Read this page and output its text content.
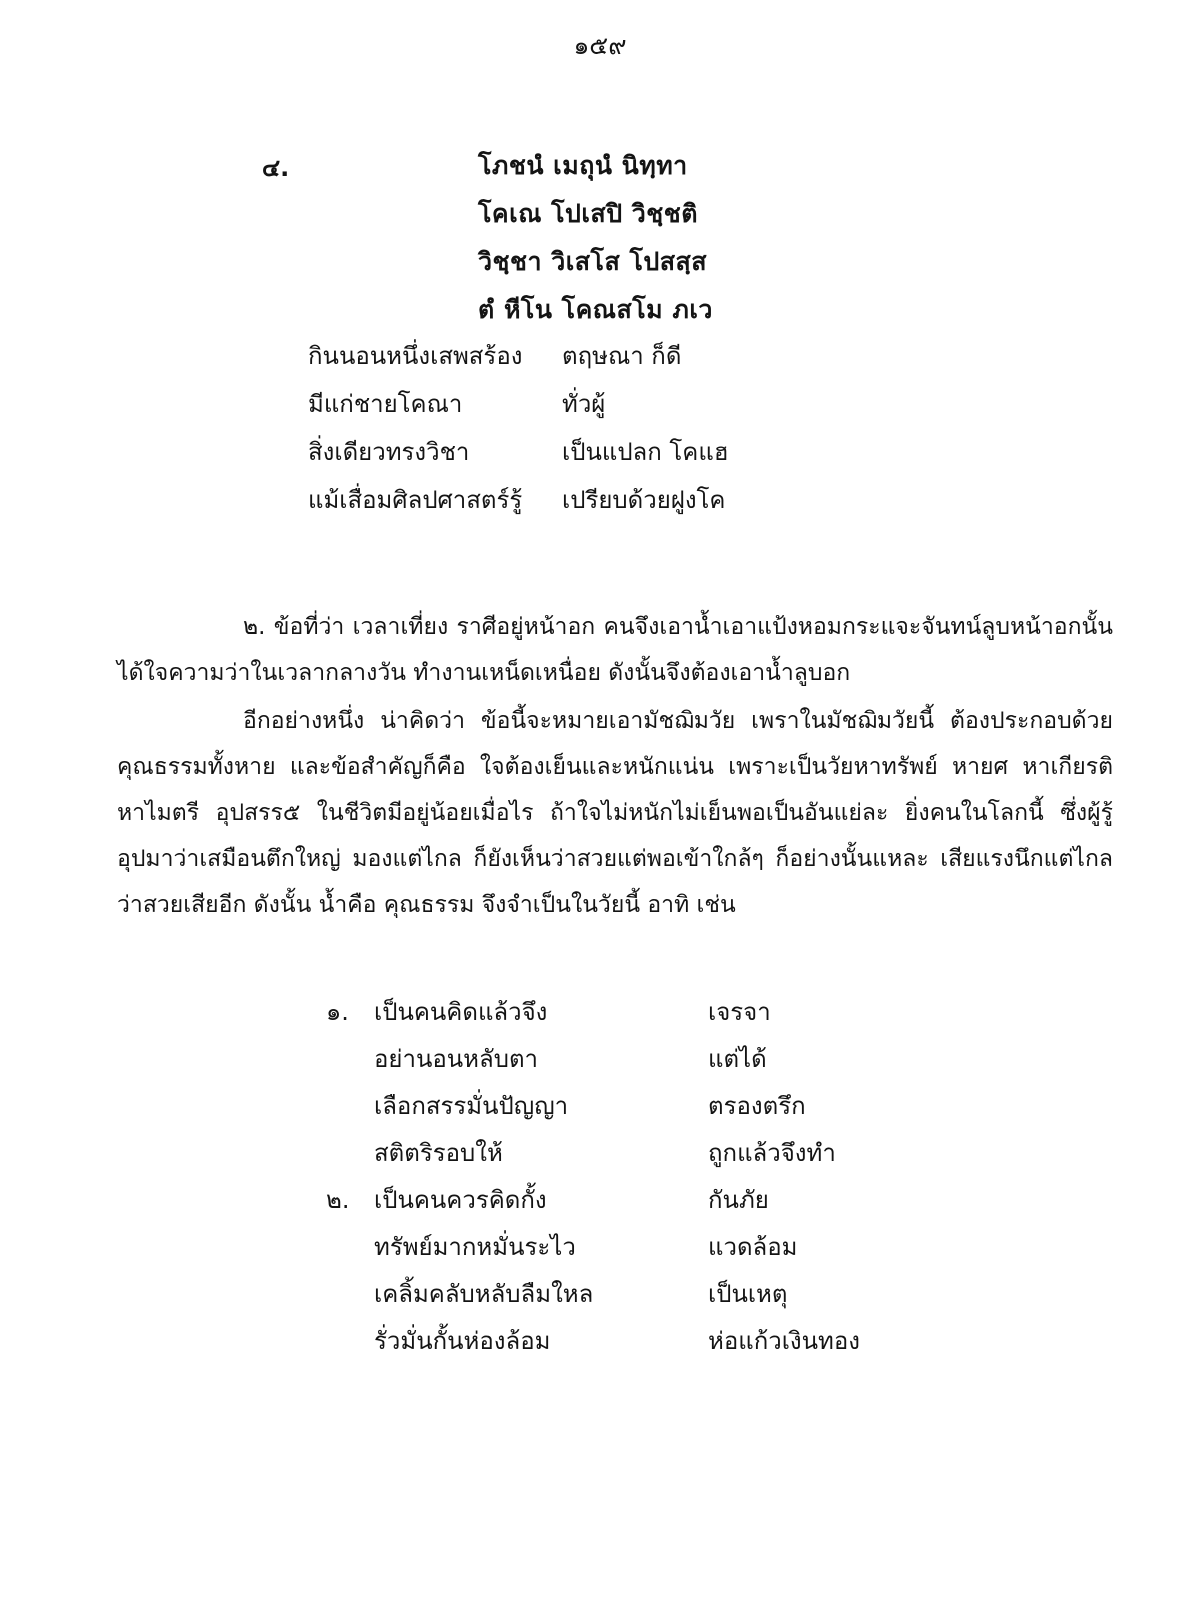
๑๕๙
๔.	โภชนํ เมถุนํ นิทฺทา
โคเณ โปเสปิ วิชฺชติ
วิชฺชา วิเสโส โปสสฺส
ตํ หีโน โคณสโม ภเว
กินนอนหนึ่งเสพสร้อง	ตฤษณา ก็ดี
มีแก่ชายโคณา	ทั่วผู้
สิ่งเดียวทรงวิชา	เป็นแปลก โคแฮ
แม้เสื่อมศิลปศาสตร์รู้	เปรียบด้วยฝูงโค

๒. ข้อที่ว่า เวลาเที่ยง ราศีอยู่หน้าอก คนจึงเอาน้ำเอาแป้งหอมกระแจะจันทน์ลูบหน้าอกนั้น ได้ใจความว่าในเวลากลางวัน ทำงานเหน็ดเหนื่อย ดังนั้นจึงต้องเอาน้ำลูบอก

อีกอย่างหนึ่ง น่าคิดว่า ข้อนี้จะหมายเอามัชฌิมวัย เพราในมัชฌิมวัยนี้ ต้องประกอบด้วยคุณธรรมทั้งหาย และข้อสำคัญก็คือ ใจต้องเย็นและหนักแน่น เพราะเป็นวัยหาทรัพย์ หายศ หาเกียรติ หาไมตรี อุปสรร๕ ในชีวิตมีอยู่น้อยเมื่อไร ถ้าใจไม่หนักไม่เย็นพอเป็นอันแย่ละ ยิ่งคนในโลกนี้ ซึ่งผู้รู้อุปมาว่าเสมือนตึกใหญ่ มองแต่ไกล ก็ยังเห็นว่าสวยแต่พอเข้าใกล้ๆ ก็อย่างนั้นแหละ เสียแรงนึกแต่ไกลว่าสวยเสียอีก ดังนั้น น้ำคือ คุณธรรม จึงจำเป็นในวัยนี้ อาทิ เช่น

๑.	เป็นคนคิดแล้วจึง	เจรจา
อย่านอนหลับตา	แต่ได้
เลือกสรรมั่นปัญญา	ตรองตรึก
สติตริรอบให้	ถูกแล้วจึงทำ
๒.	เป็นคนควรคิดกั้ง	กันภัย
ทรัพย์มากหมั่นระไว	แวดล้อม
เคลิ้มคลับหลับลืมใหล	เป็นเหตุ
รั่วมั่นกั้นห่องล้อม	ห่อแก้วเงินทอง
